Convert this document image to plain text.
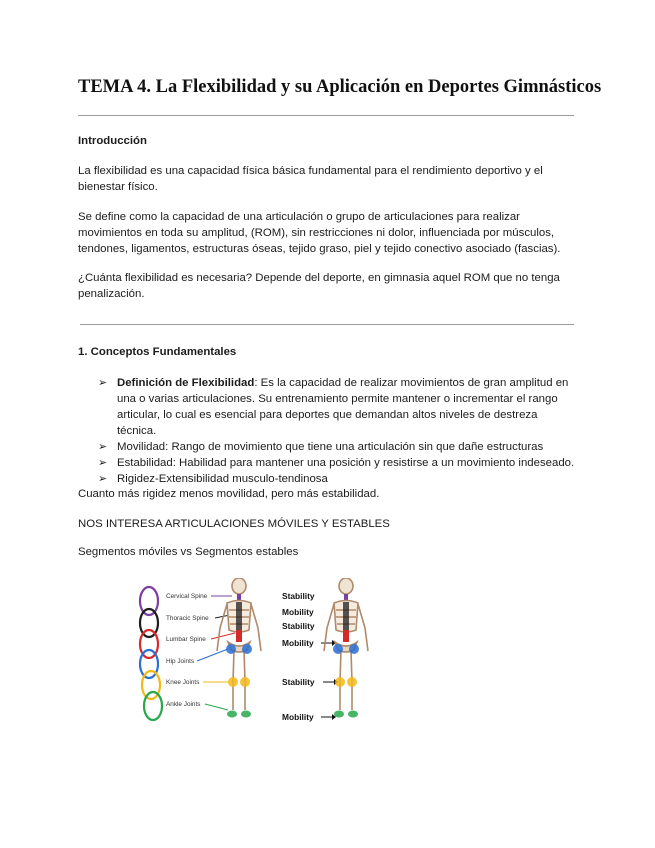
TEMA 4. La Flexibilidad y su Aplicación en Deportes Gimnásticos
Introducción

La flexibilidad es una capacidad física básica fundamental para el rendimiento deportivo y el bienestar físico.

Se define como la capacidad de una articulación o grupo de articulaciones para realizar movimientos en toda su amplitud, (ROM), sin restricciones ni dolor, influenciada por músculos, tendones, ligamentos, estructuras óseas, tejido graso, piel y tejido conectivo asociado (fascias).

¿Cuánta flexibilidad es necesaria? Depende del deporte, en gimnasia aquel ROM que no tenga penalización.

1. Conceptos Fundamentales
➢ Definición de Flexibilidad: Es la capacidad de realizar movimientos de gran amplitud en una o varias articulaciones. Su entrenamiento permite mantener o incrementar el rango articular, lo cual es esencial para deportes que demandan altos niveles de destreza técnica.
➢ Movilidad: Rango de movimiento que tiene una articulación sin que dañe estructuras
➢ Estabilidad: Habilidad para mantener una posición y resistirse a un movimiento indeseado.
➢ Rigidez-Extensibilidad musculo-tendinosa

Cuanto más rigidez menos movilidad, pero más estabilidad.

NOS INTERESA ARTICULACIONES MÓVILES Y ESTABLES

Segmentos móviles vs Segmentos estables

Cervical Spine
Thoracic Spine
Lumbar Spine
Hip Joints
Knee Joints
Ankle Joints
Stability
Mobility
Stability
Mobility
Stability
Mobility
